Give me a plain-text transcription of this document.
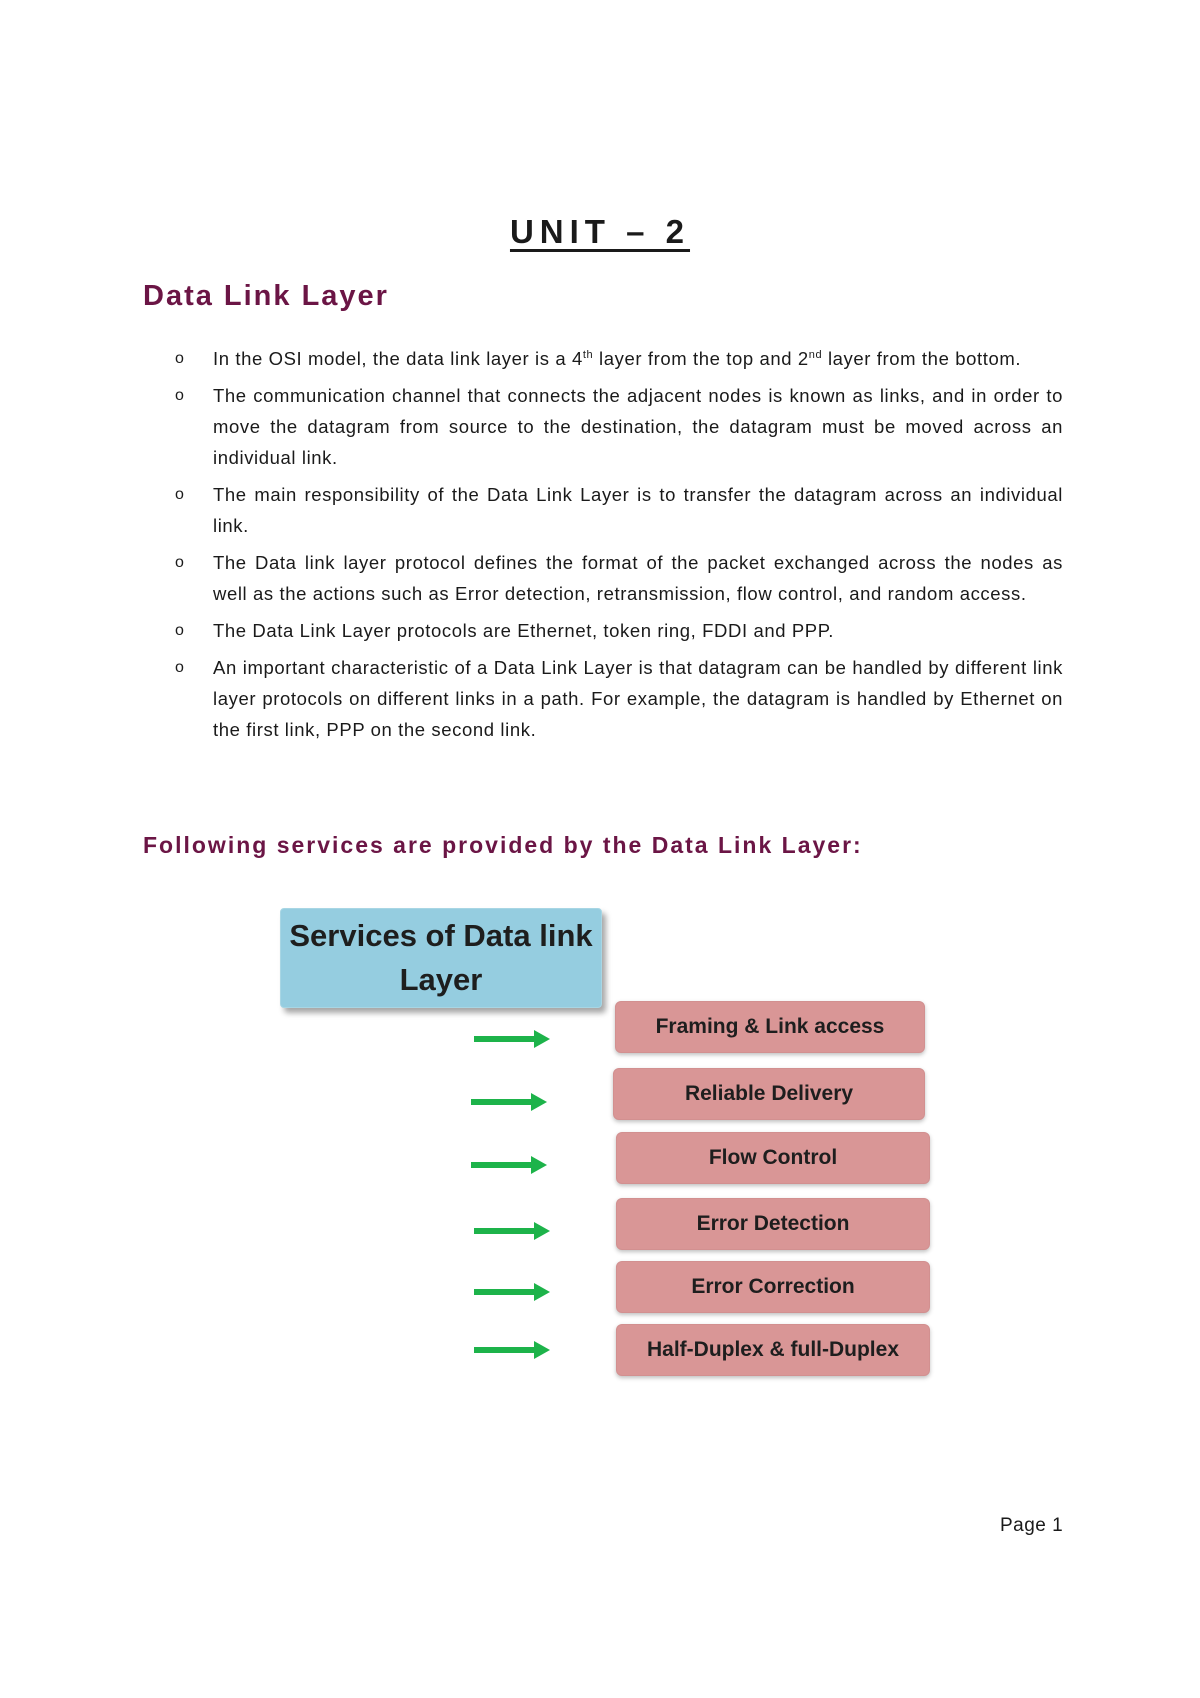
UNIT – 2
Data Link Layer
o In the OSI model, the data link layer is a 4th layer from the top and 2nd layer from the bottom.
o The communication channel that connects the adjacent nodes is known as links, and in order to move the datagram from source to the destination, the datagram must be moved across an individual link.
o The main responsibility of the Data Link Layer is to transfer the datagram across an individual link.
o The Data link layer protocol defines the format of the packet exchanged across the nodes as well as the actions such as Error detection, retransmission, flow control, and random access.
o The Data Link Layer protocols are Ethernet, token ring, FDDI and PPP.
o An important characteristic of a Data Link Layer is that datagram can be handled by different link layer protocols on different links in a path. For example, the datagram is handled by Ethernet on the first link, PPP on the second link.
Following services are provided by the Data Link Layer:
Services of Data link Layer
Framing & Link access
Reliable Delivery
Flow Control
Error Detection
Error Correction
Half-Duplex & full-Duplex
Page 1
